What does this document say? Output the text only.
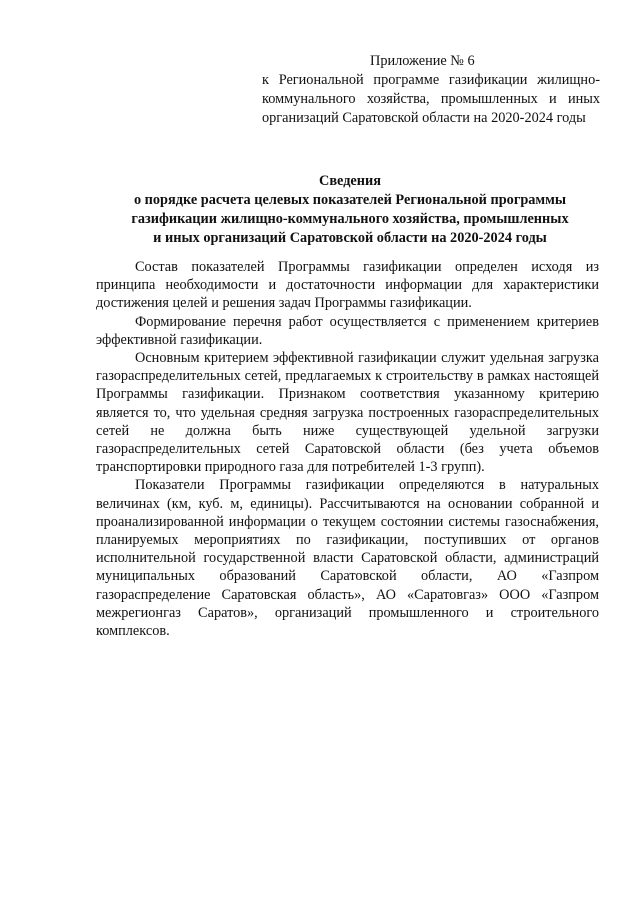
Приложение № 6
к Региональной программе газификации жилищно-коммунального хозяйства, промышленных и иных организаций Саратовской области на 2020-2024 годы
Сведения
о порядке расчета целевых показателей Региональной программы
газификации жилищно-коммунального хозяйства, промышленных
и иных организаций Саратовской области на 2020-2024 годы

Состав показателей Программы газификации определен исходя из принципа необходимости и достаточности информации для характеристики достижения целей и решения задач Программы газификации.

Формирование перечня работ осуществляется с применением критериев эффективной газификации.

Основным критерием эффективной газификации служит удельная загрузка газораспределительных сетей, предлагаемых к строительству в рамках настоящей Программы газификации. Признаком соответствия указанному критерию является то, что удельная средняя загрузка построенных газораспределительных сетей не должна быть ниже существующей удельной загрузки газораспределительных сетей Саратовской области (без учета объемов транспортировки природного газа для потребителей 1-3 групп).

Показатели Программы газификации определяются в натуральных величинах (км, куб. м, единицы). Рассчитываются на основании собранной и проанализированной информации о текущем состоянии системы газоснабжения, планируемых мероприятиях по газификации, поступивших от органов исполнительной государственной власти Саратовской области, администраций муниципальных образований Саратовской области, АО «Газпром газораспределение Саратовская область», АО «Саратовгаз» ООО «Газпром межрегионгаз Саратов», организаций промышленного и строительного комплексов.
